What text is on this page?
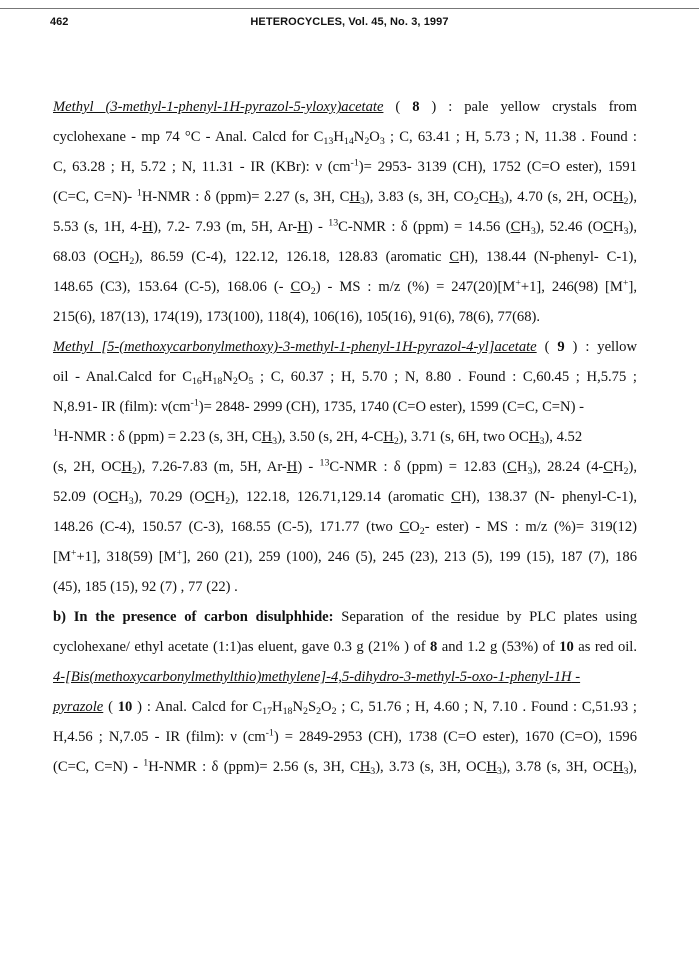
462	HETEROCYCLES, Vol. 45, No. 3, 1997
Methyl (3-methyl-1-phenyl-1H-pyrazol-5-yloxy)acetate ( 8 ) : pale yellow crystals from
cyclohexane - mp 74 °C - Anal. Calcd for $C_{13}H_{14}N_2O_3$ ; C, 63.41 ; H, 5.73 ; N, 11.38 . Found :
C, 63.28 ; H, 5.72 ; N, 11.31 - IR (KBr): ν $(cm^{-1})= 2953-$ 3139 (CH), 1752 (C=O ester), 1591
(C=C, C=N)- $^1$H-NMR : δ (ppm)= 2.27 (s, 3H, $CH_3$), 3.83 (s, 3H, $CO_2CH_3$), 4.70 (s, 2H, $OCH_2$),
5.53 (s, 1H, 4-H), 7.2- 7.93 (m, 5H, Ar-H) - $^{13}$C-NMR : δ (ppm) = 14.56 $(CH_3)$, 52.46 $(OCH_3)$,
68.03 $(OCH_2)$, 86.59 (C-4), 122.12, 126.18, 128.83 (aromatic CH), 138.44 (N-phenyl- C-1),
148.65 (C3), 153.64 (C-5), 168.06 (- $CO_2$) - MS : m/z (%) = 247(20)[M++1], 246(98) [M+],
215(6), 187(13), 174(19), 173(100), 118(4), 106(16), 105(16), 91(6), 78(6), 77(68).
Methyl [5-(methoxycarbonylmethoxy)-3-methyl-1-phenyl-1H-pyrazol-4-yl]acetate ( 9 ) : yellow
oil - Anal.Calcd for $C_{16}H_{18}N_2O_5$ ; C, 60.37 ; H, 5.70 ; N, 8.80 . Found : C,60.45 ; H,5.75 ;
N,8.91- IR (film): $\nu(cm^{-1})= 2848-$ 2999 (CH), 1735, 1740 (C=O ester), 1599 (C=C, C=N) -
$^1$H-NMR : δ (ppm) = 2.23 (s, 3H, $CH_3$), 3.50 (s, 2H, $4-CH_2$), 3.71 (s, 6H, two $OCH_3$), 4.52
(s, 2H, $OCH_2$), 7.26-7.83 (m, 5H, Ar-H) - $^{13}$C-NMR : δ (ppm) = 12.83 $(CH_3)$, 28.24 $(4-CH_2)$,
52.09 $(OCH_3)$, 70.29 $(OCH_2)$, 122.18, 126.71,129.14 (aromatic CH), 138.37 (N- phenyl-C-1),
148.26 (C-4), 150.57 (C-3), 168.55 (C-5), 171.77 (two $CO_2-$ ester) - MS : m/z (%)= 319(12)
[M++1], 318(59) [M+], 260 (21), 259 (100), 246 (5), 245 (23), 213 (5), 199 (15), 187 (7), 186
(45), 185 (15), 92 (7) , 77 (22) .
b) In the presence of carbon disulphhide: Separation of the residue by PLC plates using
cyclohexane/ ethyl acetate (1:1)as eluent, gave 0.3 g (21% ) of 8 and 1.2 g (53%) of 10 as red oil.
4-[Bis(methoxycarbonylmethylthio)methylene]-4,5-dihydro-3-methyl-5-oxo-1-phenyl-1H -
pyrazole ( 10 ) : Anal. Calcd for $C_{17}H_{18}N_2S_2O_2$ ; C, 51.76 ; H, 4.60 ; N, 7.10 . Found : C,51.93 ;
H,4.56 ; N,7.05 - IR (film): ν $(cm^{-1}) = 2849-2953$ (CH), 1738 (C=O ester), 1670 (C=O), 1596
(C=C, C=N) - $^1$H-NMR : δ (ppm)= 2.56 (s, 3H, $CH_3$), 3.73 (s, 3H, $OCH_3$), 3.78 (s, 3H, $OCH_3$),
